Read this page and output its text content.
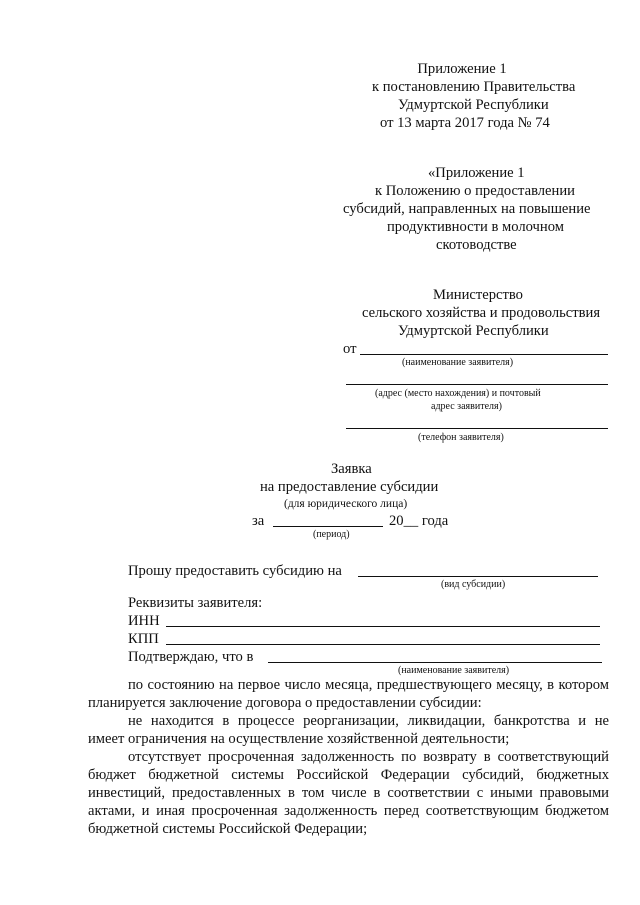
Приложение 1
к постановлению Правительства
Удмуртской Республики
от 13 марта 2017 года № 74
«Приложение 1
к Положению о предоставлении
субсидий, направленных на повышение
продуктивности в молочном
скотоводстве
Министерство
сельского хозяйства и продовольствия
Удмуртской Республики
от
(наименование заявителя)
(адрес (место нахождения) и почтовый
адрес заявителя)
(телефон заявителя)
Заявка
на предоставление субсидии
(для юридического лица)
за	20__ года
(период)
Прошу предоставить субсидию на
(вид субсидии)
Реквизиты заявителя:
ИНН
КПП
Подтверждаю, что в
(наименование заявителя)
по состоянию на первое число месяца, предшествующего месяцу, в котором планируется заключение договора о предоставлении субсидии:
не находится в процессе реорганизации, ликвидации, банкротства и не имеет ограничения на осуществление хозяйственной деятельности;
отсутствует просроченная задолженность по возврату в соответствующий бюджет бюджетной системы Российской Федерации субсидий, бюджетных инвестиций, предоставленных в том числе в соответствии с иными правовыми актами, и иная просроченная задолженность перед соответствующим бюджетом бюджетной системы Российской Федерации;
